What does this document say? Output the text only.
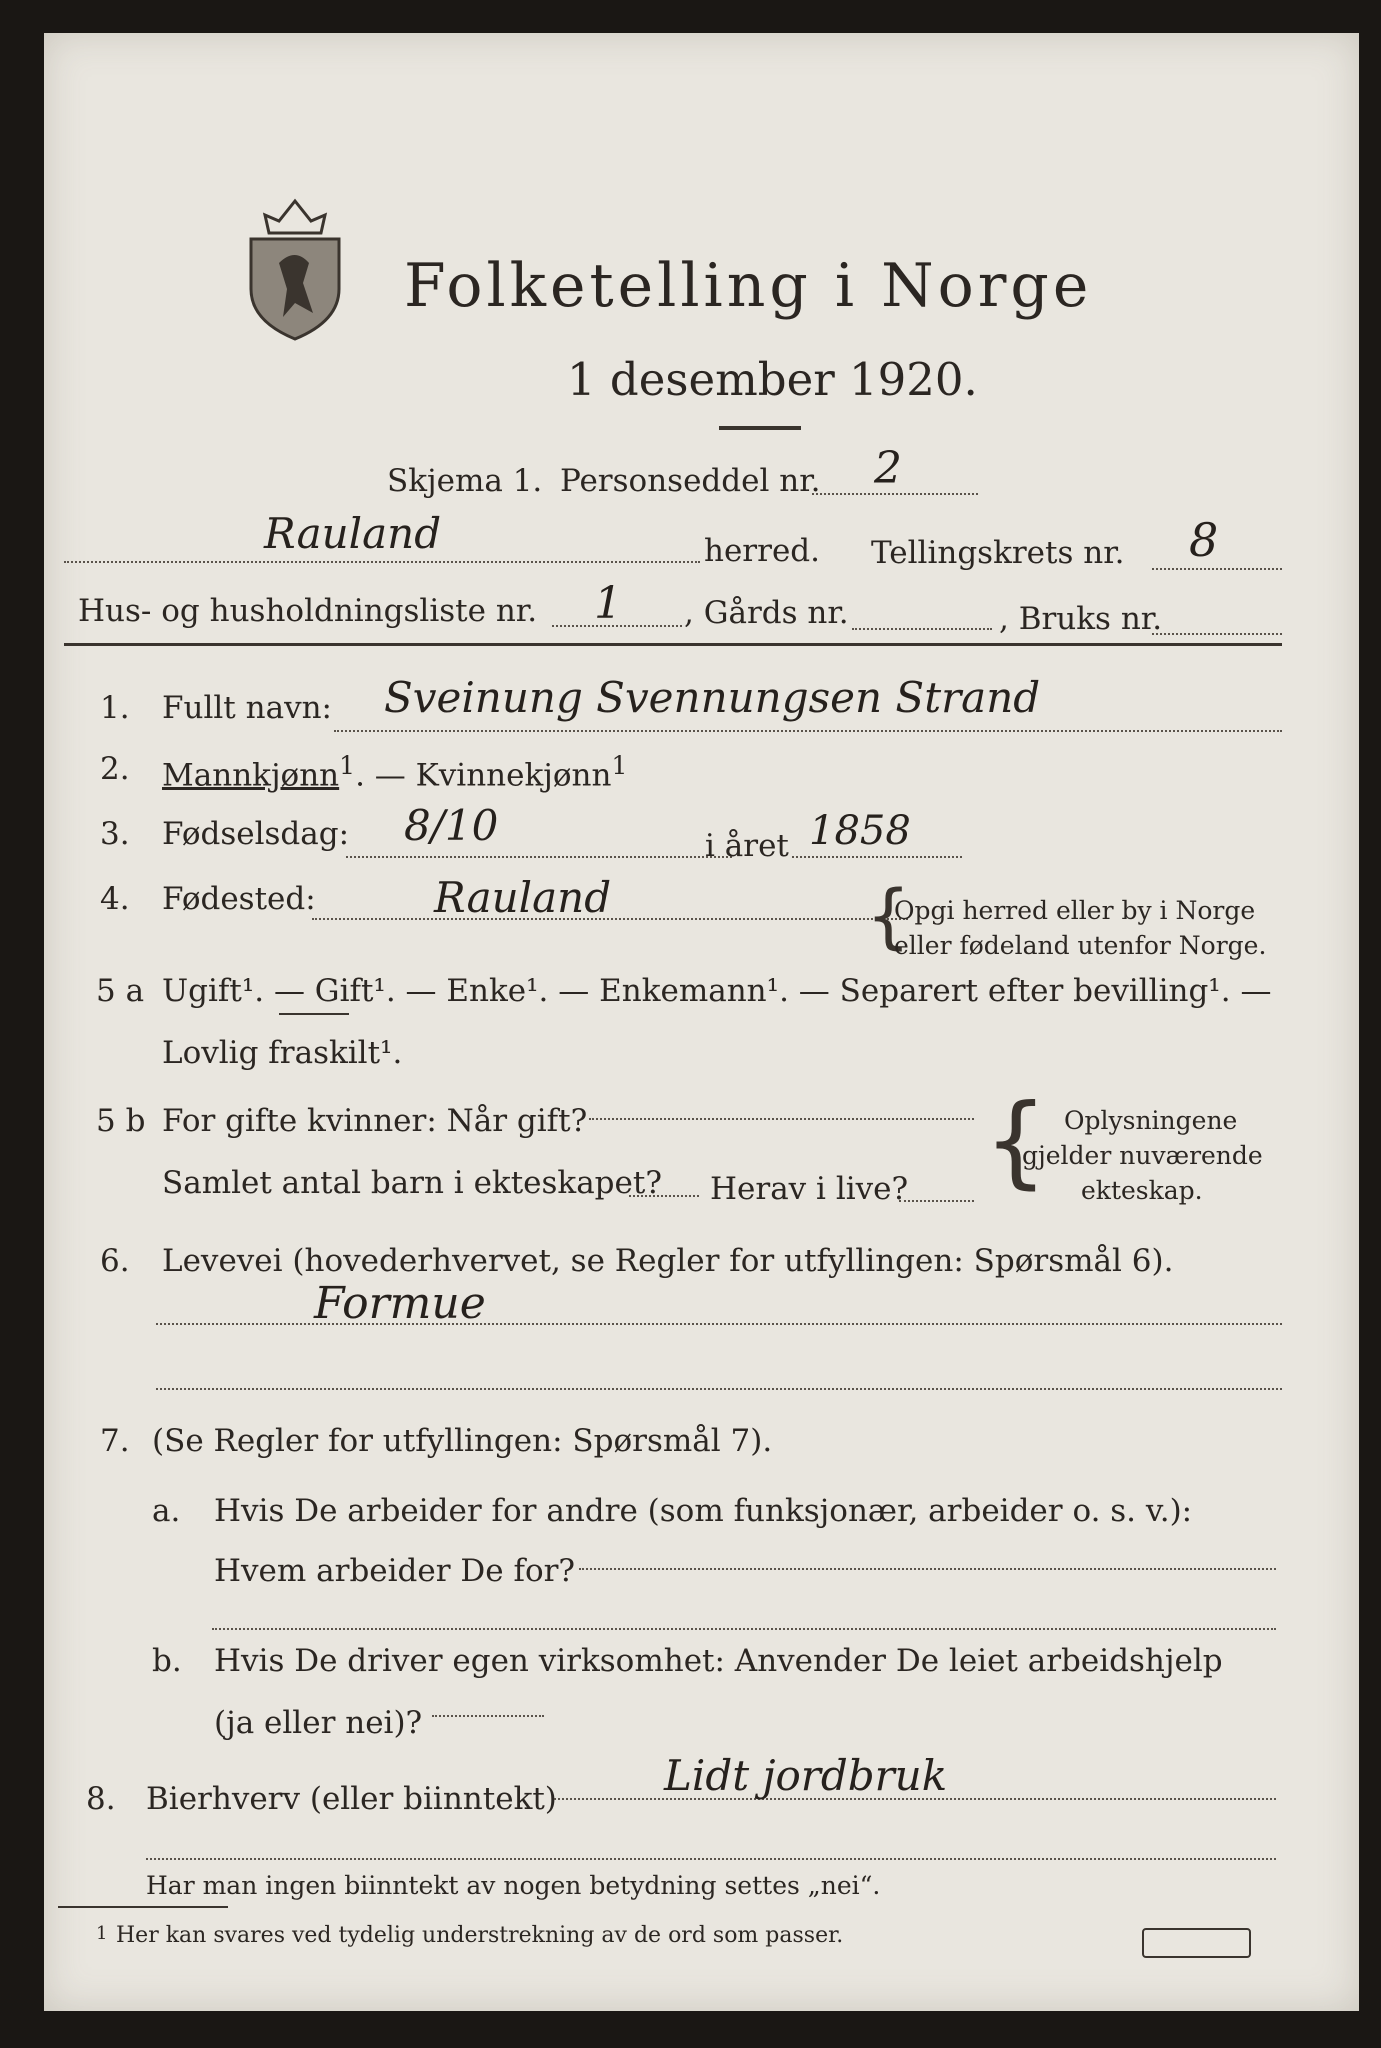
Folketelling i Norge
1 desember 1920.
Skjema 1. Personseddel nr. 2
Rauland	herred. Tellingskrets nr. 8
Hus- og husholdningsliste nr. 1 , Gårds nr.	, Bruks nr.
1. Fullt navn: Sveinung Svennungsen Strand
2. Mannkjønn$^1$. — Kvinnekjønn$^1$
3. Fødselsdag: 8/10	i året 1858
4. Fødested:	Rauland	{
Opgi herred eller by i Norge
eller fødeland utenfor Norge.
5 a Ugift¹. — Gift¹. — Enke¹. — Enkemann¹. — Separert efter bevilling¹. —
Lovlig fraskilt¹.
5 b For gifte kvinner: Når gift?
Samlet antal barn i ekteskapet? Herav i live? { Oplysningene
gjelder nuværende
ekteskap.
6. Levevei (hovederhvervet, se Regler for utfyllingen: Spørsmål 6).
Formue
7. (Se Regler for utfyllingen: Spørsmål 7).
a. Hvis De arbeider for andre (som funksjonær, arbeider o. s. v.):
Hvem arbeider De for?
b. Hvis De driver egen virksomhet: Anvender De leiet arbeidshjelp
(ja eller nei)?
8. Bierhverv (eller biinntekt)	Lidt jordbruk
Har man ingen biinntekt av nogen betydning settes „nei“.
1 Her kan svares ved tydelig understrekning av de ord som passer.
